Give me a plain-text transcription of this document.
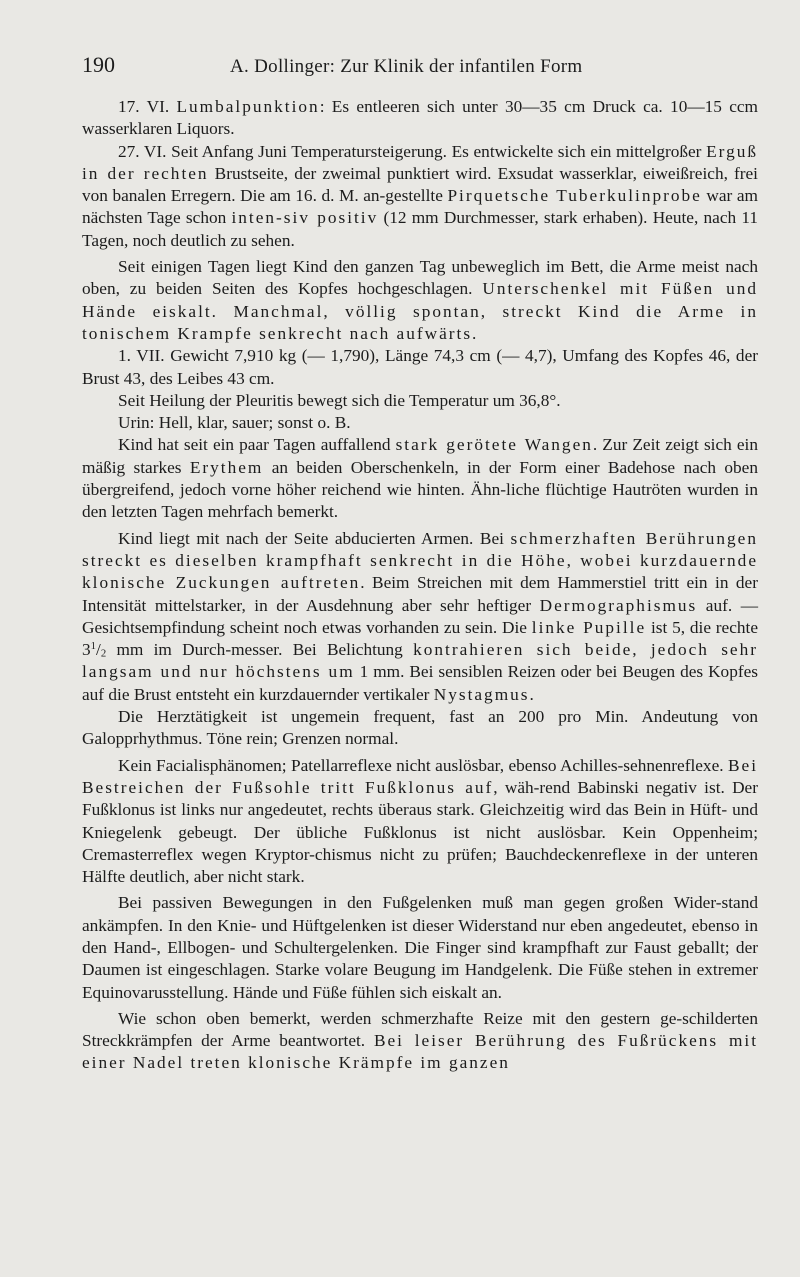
190	A. Dollinger: Zur Klinik der infantilen Form

17. VI. Lumbalpunktion: Es entleeren sich unter 30—35 cm Druck ca. 10—15 ccm wasserklaren Liquors.

27. VI. Seit Anfang Juni Temperatursteigerung. Es entwickelte sich ein mittelgroßer Erguß in der rechten Brustseite, der zweimal punktiert wird. Exsudat wasserklar, eiweißreich, frei von banalen Erregern. Die am 16. d. M. an-gestellte Pirquetsche Tuberkulinprobe war am nächsten Tage schon inten-siv positiv (12 mm Durchmesser, stark erhaben). Heute, nach 11 Tagen, noch deutlich zu sehen.

Seit einigen Tagen liegt Kind den ganzen Tag unbeweglich im Bett, die Arme meist nach oben, zu beiden Seiten des Kopfes hochgeschlagen. Unterschenkel mit Füßen und Hände eiskalt. Manchmal, völlig spontan, streckt Kind die Arme in tonischem Krampfe senkrecht nach aufwärts.

1. VII. Gewicht 7,910 kg (— 1,790), Länge 74,3 cm (— 4,7), Umfang des Kopfes 46, der Brust 43, des Leibes 43 cm.

Seit Heilung der Pleuritis bewegt sich die Temperatur um 36,8°.

Urin: Hell, klar, sauer; sonst o. B.

Kind hat seit ein paar Tagen auffallend stark gerötete Wangen. Zur Zeit zeigt sich ein mäßig starkes Erythem an beiden Oberschenkeln, in der Form einer Badehose nach oben übergreifend, jedoch vorne höher reichend wie hinten. Ähn-liche flüchtige Hautröten wurden in den letzten Tagen mehrfach bemerkt.

Kind liegt mit nach der Seite abducierten Armen. Bei schmerzhaften Berührungen streckt es dieselben krampfhaft senkrecht in die Höhe, wobei kurzdauernde klonische Zuckungen auftreten. Beim Streichen mit dem Hammerstiel tritt ein in der Intensität mittelstarker, in der Ausdehnung aber sehr heftiger Dermographismus auf. — Gesichtsempfindung scheint noch etwas vorhanden zu sein. Die linke Pupille ist 5, die rechte $3^1/_2$ mm im Durch-messer. Bei Belichtung kontrahieren sich beide, jedoch sehr langsam und nur höchstens um 1 mm. Bei sensiblen Reizen oder bei Beugen des Kopfes auf die Brust entsteht ein kurzdauernder vertikaler Nystagmus.

Die Herztätigkeit ist ungemein frequent, fast an 200 pro Min. Andeutung von Galopprhythmus. Töne rein; Grenzen normal.

Kein Facialisphänomen; Patellarreflexe nicht auslösbar, ebenso Achilles-sehnenreflexe. Bei Bestreichen der Fußsohle tritt Fußklonus auf, wäh-rend Babinski negativ ist. Der Fußklonus ist links nur angedeutet, rechts überaus stark. Gleichzeitig wird das Bein in Hüft- und Kniegelenk gebeugt. Der übliche Fußklonus ist nicht auslösbar. Kein Oppenheim; Cremasterreflex wegen Kryptor-chismus nicht zu prüfen; Bauchdeckenreflexe in der unteren Hälfte deutlich, aber nicht stark.

Bei passiven Bewegungen in den Fußgelenken muß man gegen großen Wider-stand ankämpfen. In den Knie- und Hüftgelenken ist dieser Widerstand nur eben angedeutet, ebenso in den Hand-, Ellbogen- und Schultergelenken. Die Finger sind krampfhaft zur Faust geballt; der Daumen ist eingeschlagen. Starke volare Beugung im Handgelenk. Die Füße stehen in extremer Equinovarusstellung. Hände und Füße fühlen sich eiskalt an.

Wie schon oben bemerkt, werden schmerzhafte Reize mit den gestern ge-schilderten Streckkrämpfen der Arme beantwortet. Bei leiser Berührung des Fußrückens mit einer Nadel treten klonische Krämpfe im ganzen
